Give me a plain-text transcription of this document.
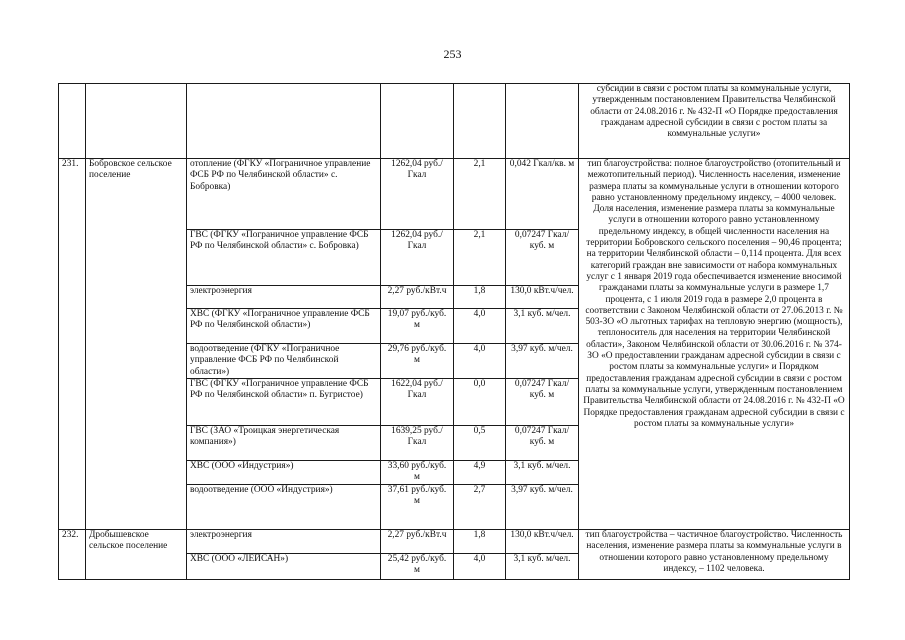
253
						субсидии в связи с ростом платы за коммунальные услуги, утвержденным постановлением Правительства Челябинской области от 24.08.2016 г. № 432-П «О Порядке предоставления гражданам адресной субсидии в связи с ростом платы за коммунальные услуги»
231.	Бобровское сельское поселение	отопление (ФГКУ «Пограничное управление ФСБ РФ по Челябинской области» с. Бобровка)	1262,04 руб./Гкал	2,1	0,042 Гкал/кв. м	тип благоустройства: полное благоустройство (отопительный и межотопительный период). Численность населения, изменение размера платы за коммунальные услуги в отношении которого равно установленному предельному индексу, – 4000 человек. Доля населения, изменение размера платы за коммунальные услуги в отношении которого равно установленному предельному индексу, в общей численности населения на территории Бобровского сельского поселения – 90,46 процента; на территории Челябинской области – 0,114 процента. Для всех категорий граждан вне зависимости от набора коммунальных услуг с 1 января 2019 года обеспечивается изменение вносимой гражданами платы за коммунальные услуги в размере 1,7 процента, с 1 июля 2019 года в размере 2,0 процента в соответствии с Законом Челябинской области от 27.06.2013 г. № 503-ЗО «О льготных тарифах на тепловую энергию (мощность), теплоноситель для населения на территории Челябинской области», Законом Челябинской области от 30.06.2016 г. № 374-ЗО «О предоставлении гражданам адресной субсидии в связи с ростом платы за коммунальные услуги» и Порядком предоставления гражданам адресной субсидии в связи с ростом платы за коммунальные услуги, утвержденным постановлением Правительства Челябинской области от 24.08.2016 г. № 432-П «О Порядке предоставления гражданам адресной субсидии в связи с ростом платы за коммунальные услуги»
		ГВС (ФГКУ «Пограничное управление ФСБ РФ по Челябинской области» с. Бобровка)	1262,04 руб./Гкал	2,1	0,07247 Гкал/куб. м	
		электроэнергия	2,27 руб./кВт.ч	1,8	130,0 кВт.ч/чел.	
		ХВС (ФГКУ «Пограничное управление ФСБ РФ по Челябинской области»)	19,07 руб./куб. м	4,0	3,1 куб. м/чел.	
		водоотведение (ФГКУ «Пограничное управление ФСБ РФ по Челябинской области»)	29,76 руб./куб. м	4,0	3,97 куб. м/чел.	
		ГВС (ФГКУ «Пограничное управление ФСБ РФ по Челябинской области» п. Бугристое)	1622,04 руб./Гкал	0,0	0,07247 Гкал/куб. м	
		ГВС (ЗАО «Троицкая энергетическая компания»)	1639,25 руб./Гкал	0,5	0,07247 Гкал/куб. м	
		ХВС (ООО «Индустрия»)	33,60 руб./куб. м	4,9	3,1 куб. м/чел.	
		водоотведение (ООО «Индустрия»)	37,61 руб./куб. м	2,7	3,97 куб. м/чел.	
232.	Дробышевское сельское поселение	электроэнергия	2,27 руб./кВт.ч	1,8	130,0 кВт.ч/чел.	тип благоустройства – частичное благоустройство. Численность населения, изменение размера платы за коммунальные услуги в отношении которого равно установленному предельному индексу, – 1102 человека.
		ХВС (ООО «ЛЕЙСАН»)	25,42 руб./куб. м	4,0	3,1 куб. м/чел.	
